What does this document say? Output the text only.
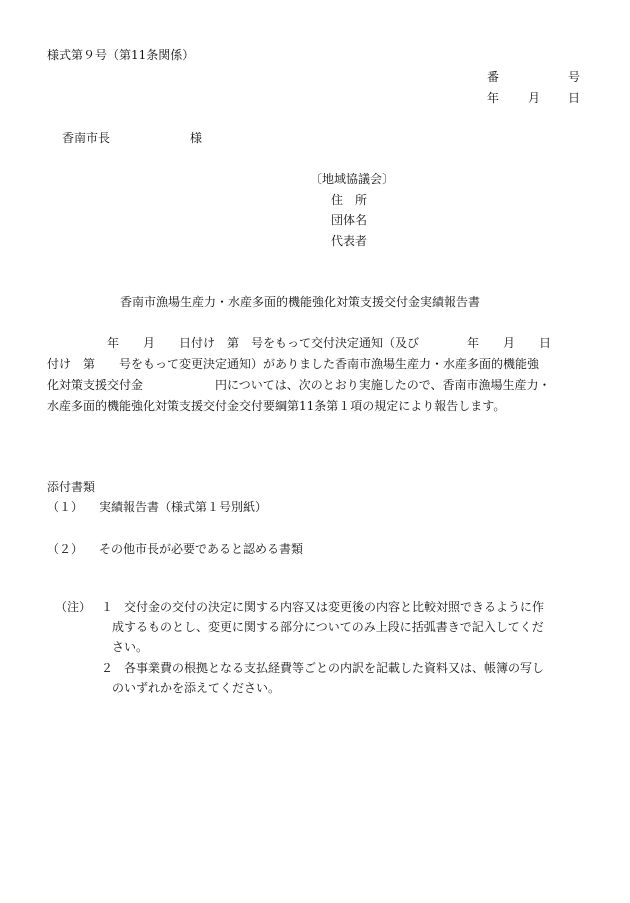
様式第９号（第11条関係）
番	号
年 月 日
香南市長	様
〔地域協議会〕
住　所
団体名
代表者
香南市漁場生産力・水産多面的機能強化対策支援交付金実績報告書
　　　　　年　　月　　日付け　第　号をもって交付決定通知（及び　　　　年　　月　　日
付け　第　　号をもって変更決定通知）がありました香南市漁場生産力・水産多面的機能強
化対策支援交付金　　　　　　円については、次のとおり実施したので、香南市漁場生産力・
水産多面的機能強化対策支援交付金交付要綱第11条第１項の規定により報告します。
添付書類
（１） 実績報告書（様式第１号別紙）
（２） その他市長が必要であると認める書類
（注） １ 交付金の交付の決定に関する内容又は変更後の内容と比較対照できるように作
成するものとし、変更に関する部分についてのみ上段に括弧書きで記入してくだ
さい。
２ 各事業費の根拠となる支払経費等ごとの内訳を記載した資料又は、帳簿の写し
のいずれかを添えてください。
